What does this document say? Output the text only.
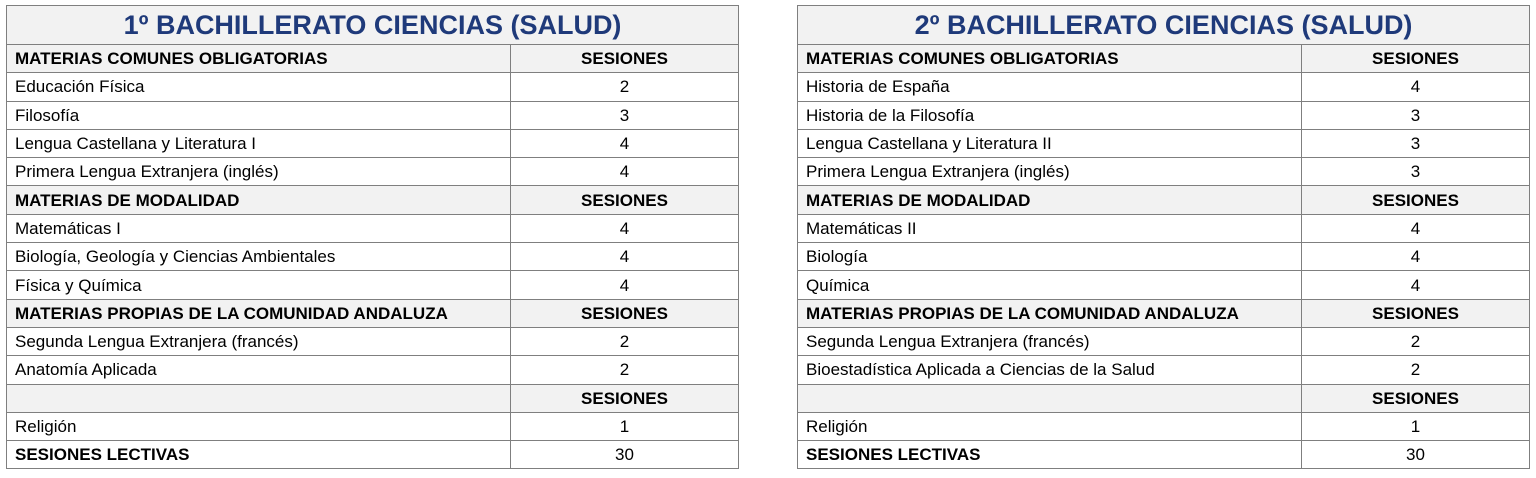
1º BACHILLERATO CIENCIAS (SALUD)	
MATERIAS COMUNES OBLIGATORIAS	SESIONES
Educación Física	2
Filosofía	3
Lengua Castellana y Literatura I	4
Primera Lengua Extranjera (inglés)	4
MATERIAS DE MODALIDAD	SESIONES
Matemáticas I	4
Biología, Geología y Ciencias Ambientales	4
Física y Química	4
MATERIAS PROPIAS DE LA COMUNIDAD ANDALUZA	SESIONES
Segunda Lengua Extranjera (francés)	2
Anatomía Aplicada	2
	SESIONES
Religión	1
SESIONES LECTIVAS	30
2º BACHILLERATO CIENCIAS (SALUD)	
MATERIAS COMUNES OBLIGATORIAS	SESIONES
Historia de España	4
Historia de la Filosofía	3
Lengua Castellana y Literatura II	3
Primera Lengua Extranjera (inglés)	3
MATERIAS DE MODALIDAD	SESIONES
Matemáticas II	4
Biología	4
Química	4
MATERIAS PROPIAS DE LA COMUNIDAD ANDALUZA	SESIONES
Segunda Lengua Extranjera (francés)	2
Bioestadística Aplicada a Ciencias de la Salud	2
	SESIONES
Religión	1
SESIONES LECTIVAS	30
